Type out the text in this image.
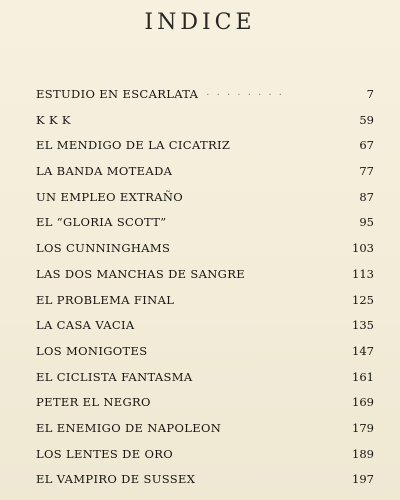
INDICE
ESTUDIO EN ESCARLATA · · · · · · · ·	7
K K K	59
EL MENDIGO DE LA CICATRIZ	67
LA BANDA MOTEADA	77
UN EMPLEO EXTRAÑO	87
EL “GLORIA SCOTT”	95
LOS CUNNINGHAMS	103
LAS DOS MANCHAS DE SANGRE	113
EL PROBLEMA FINAL	125
LA CASA VACIA	135
LOS MONIGOTES	147
EL CICLISTA FANTASMA	161
PETER EL NEGRO	169
EL ENEMIGO DE NAPOLEON	179
LOS LENTES DE ORO	189
EL VAMPIRO DE SUSSEX	197
